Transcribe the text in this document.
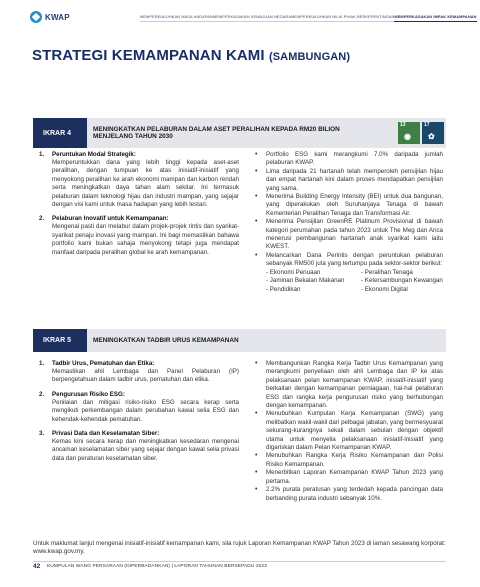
KWAP	MEMPERKUKUHKAN MASA HADAPAN MEMPERKASAKAN KEMAJUAN NEGARA MEMPERKUKUHKAN NILAI PIHAK BERKEPENTINGAN MEMPERKASAKAN IMPAK KEMAMPANAN
STRATEGI KEMAMPANAN KAMI (SAMBUNGAN)
IKRAR 4
MENINGKATKAN PELABURAN DALAM ASET PERALIHAN KEPADA RM20 BILION MENJELANG TAHUN 2030
13
◉
17
✿
1.	Peruntukan Modal Strategik:
Memperuntukkan dana yang lebih tinggi kepada aset-aset peralihan, dengan tumpuan ke atas inisiatif-inisiatif yang menyokong peralihan ke arah ekonomi mampan dan karbon rendah serta meningkatkan daya tahan alam sekitar. Ini termasuk pelaburan dalam teknologi hijau dan industri mampan, yang sejajar dengan visi kami untuk masa hadapan yang lebih lestari.
2.	Pelaburan Inovatif untuk Kemampanan:
Mengenal pasti dan melabur dalam projek-projek rintis dan syarikat-syarikat penaju inovasi yang mampan. Ini bagi memastikan bahawa portfolio kami bukan sahaja menyokong tetapi juga mendapat manfaat daripada peralihan global ke arah kemampanan.
•	Portfolio ESG kami merangkumi 7.0% daripada jumlah pelaburan KWAP.
•	Lima daripada 21 hartanah telah memperoleh pensijilan hijau dan empat hartanah kini dalam proses mendapatkan pensijilan yang sama.
•	Menerima Building Energy Intensity (BEI) untuk dua bangunan, yang diperakukan oleh Suruhanjaya Tenaga di bawah Kementerian Peralihan Tenaga dan Transformasi Air.
•	Menerima Pensijilan GreenRE Platinum Provisional di bawah kategori perumahan pada tahun 2023 untuk The Meg dan Arica menerusi pembangunan hartanah anak syarikat kami iaitu KWEST.
•	Melancarkan Dana Perintis dengan peruntukan pelaburan sebanyak RM500 juta yang tertumpu pada sektor-sektor berikut:
- Ekonomi Penuaan	- Peralihan Tenaga
- Jaminan Bekalan Makanan	- Ketersambungan Kewangan
- Pendidikan	- Ekonomi Digital
IKRAR 5	MENINGKATKAN TADBIR URUS KEMAMPANAN
1.	Tadbir Urus, Pematuhan dan Etika:
Memastikan ahli Lembaga dan Panel Pelaburan (IP) berpengetahuan dalam tadbir urus, pematuhan dan etika.
2.	Pengurusan Risiko ESG:
Penilaian dan mitigasi risiko-risiko ESG secara kerap serta mengikuti perkembangan dalam perubahan kawal selia ESG dan kehendak-kehendak pematuhan.
3.	Privasi Data dan Keselamatan Siber:
Kemas kini secara kerap dan meningkatkan kesedaran mengenai ancaman keselamatan siber yang sejajar dengan kawal selia privasi data dan peraturan keselamatan siber.
•	Membangunkan Rangka Kerja Tadbir Urus Kemampanan yang merangkumi penyeliaan oleh ahli Lembaga dan IP ke atas pelaksanaan pelan kemampanan KWAP, inisiatif-inisiatif yang berkaitan dengan kemampanan perniagaan, hal-hal pelaburan ESG dan rangka kerja pengurusan risiko yang berhubungan dengan kemampanan.
•	Menubuhkan Kumpulan Kerja Kemampanan (SWG) yang melibatkan wakil-wakil dari pelbagai jabatan, yang bermesyuarat sekurang-kurangnya sekali dalam sebulan dengan objektif utama untuk menyelia pelaksanaan inisiatif-inisiatif yang digariskan dalam Pelan Kemampanan KWAP.
•	Menubuhkan Rangka Kerja Risiko Kemampanan dan Polisi Risiko Kemampanan.
•	Menerbitkan Laporan Kemampanan KWAP Tahun 2023 yang pertama.
•	2.2% purata peratusan yang terdedah kepada pancingan data berbanding purata industri sebanyak 10%.
Untuk maklumat lanjut mengenai inisiatif-inisiatif kemampanan kami, sila rujuk Laporan Kemampanan KWAP Tahun 2023 di laman sesawang korporat: www.kwap.gov.my.
42 KUMPULAN WANG PERSARAAN (DIPERBADANKAN) | LAPORAN TAHUNAN BERSEPADU 2023
